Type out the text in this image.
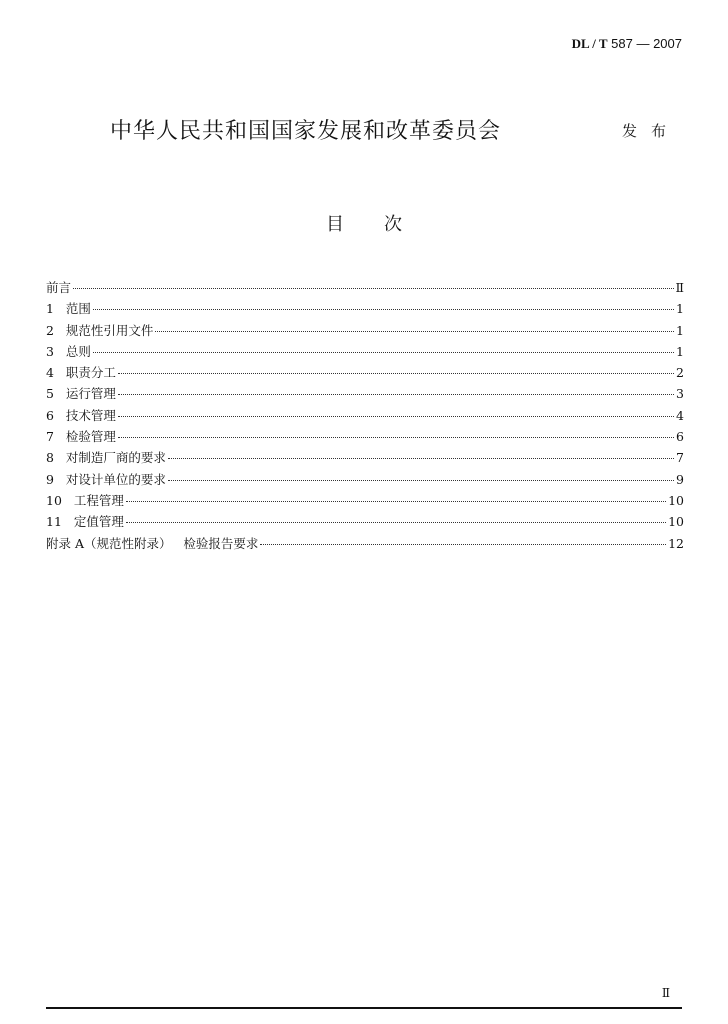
DL / T 587 — 2007
中华人民共和国国家发展和改革委员会	发布
目次
前言	Ⅱ
1   范围	1
2   规范性引用文件	1
3   总则	1
4   职责分工	2
5   运行管理	3
6   技术管理	4
7   检验管理	6
8   对制造厂商的要求	7
9   对设计单位的要求	9
10   工程管理	10
11   定值管理	10
附录 A（规范性附录）   检验报告要求	12
Ⅱ
